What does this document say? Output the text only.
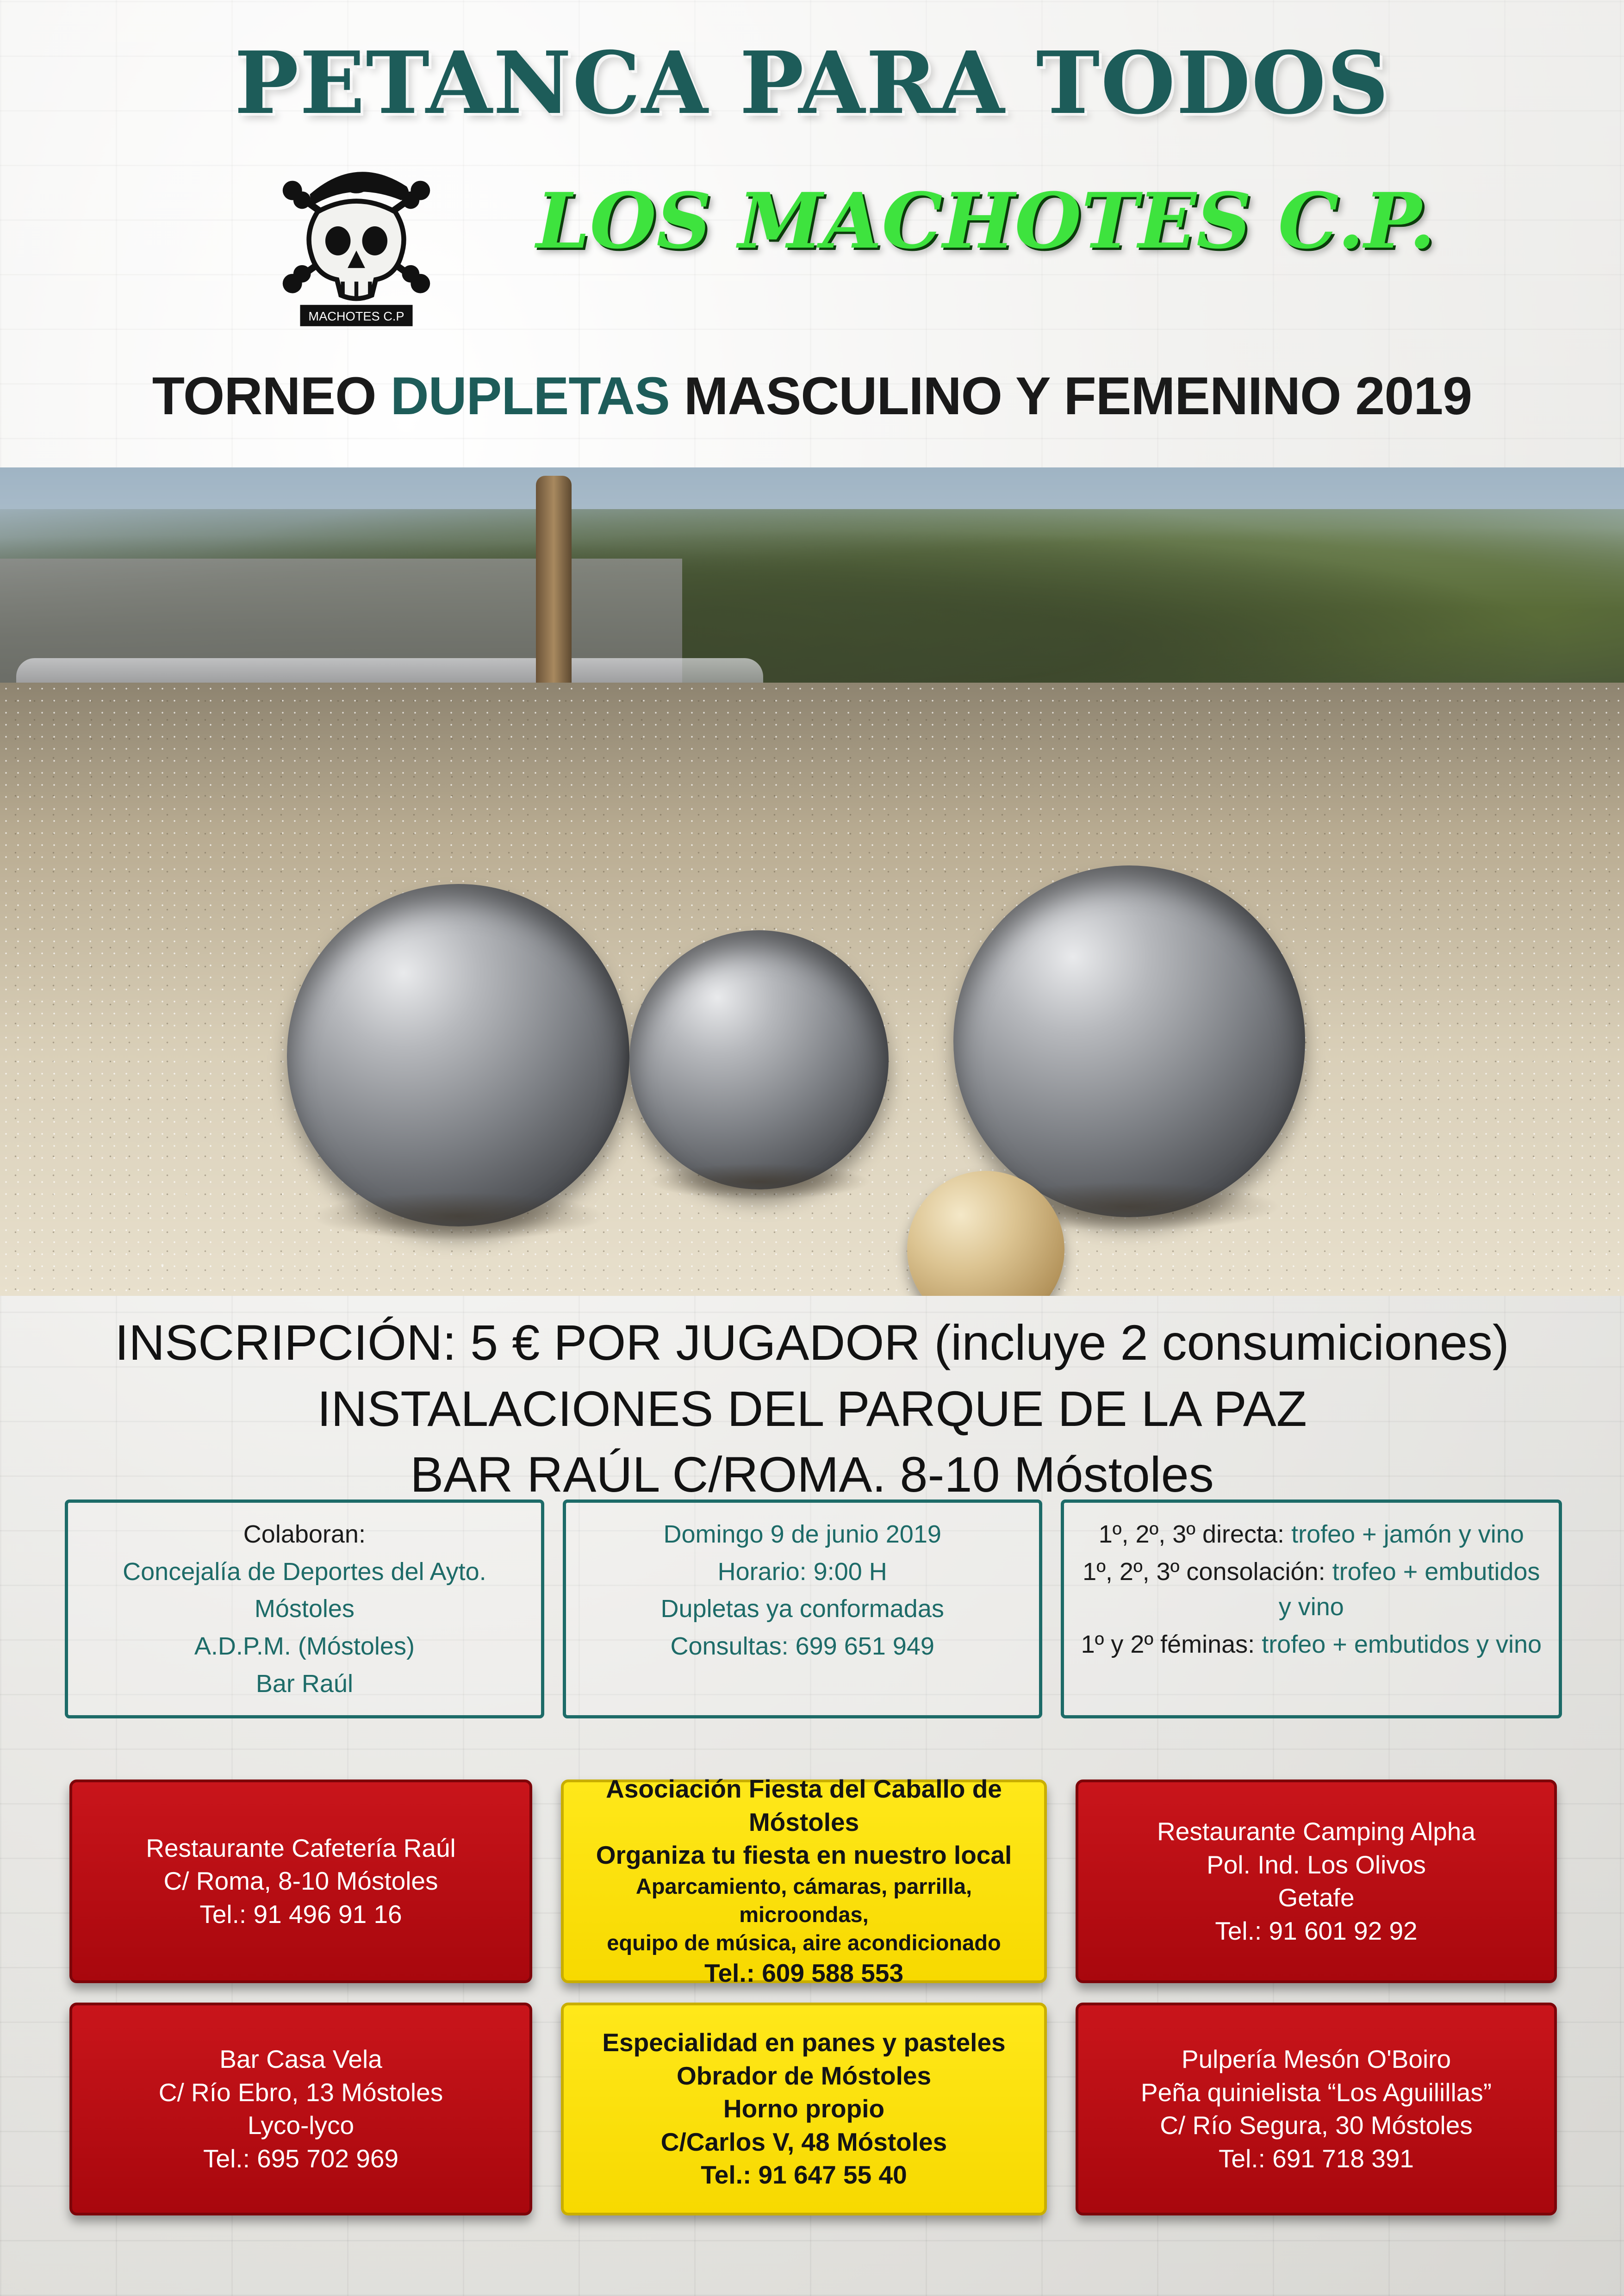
PETANCA PARA TODOS
MACHOTES C.P
LOS MACHOTES C.P.
TORNEO DUPLETAS MASCULINO Y FEMENINO 2019
INSCRIPCIÓN: 5 € POR JUGADOR (incluye 2 consumiciones)
INSTALACIONES DEL PARQUE DE LA PAZ
BAR RAÚL C/ROMA. 8-10 Móstoles
Colaboran:
Concejalía de Deportes del Ayto.
Móstoles
A.D.P.M. (Móstoles)
Bar Raúl
Domingo 9 de junio 2019
Horario: 9:00 H
Dupletas ya conformadas
Consultas: 699 651 949
1º, 2º, 3º directa: trofeo + jamón y vino
1º, 2º, 3º consolación: trofeo + embutidos y vino
1º y 2º féminas: trofeo + embutidos y vino
Restaurante Cafetería Raúl
C/ Roma, 8-10 Móstoles
Tel.: 91 496 91 16
Asociación Fiesta del Caballo de Móstoles
Organiza tu fiesta en nuestro local
Aparcamiento, cámaras, parrilla, microondas,
equipo de música, aire acondicionado
Tel.: 609 588 553
Restaurante Camping Alpha
Pol. Ind. Los Olivos
Getafe
Tel.: 91 601 92 92
Bar Casa Vela
C/ Río Ebro, 13 Móstoles
Lyco-lyco
Tel.: 695 702 969
Especialidad en panes y pasteles
Obrador de Móstoles
Horno propio
C/Carlos V, 48 Móstoles
Tel.: 91 647 55 40
Pulpería Mesón O'Boiro
Peña quinielista “Los Aguilillas”
C/ Río Segura, 30 Móstoles
Tel.: 691 718 391
